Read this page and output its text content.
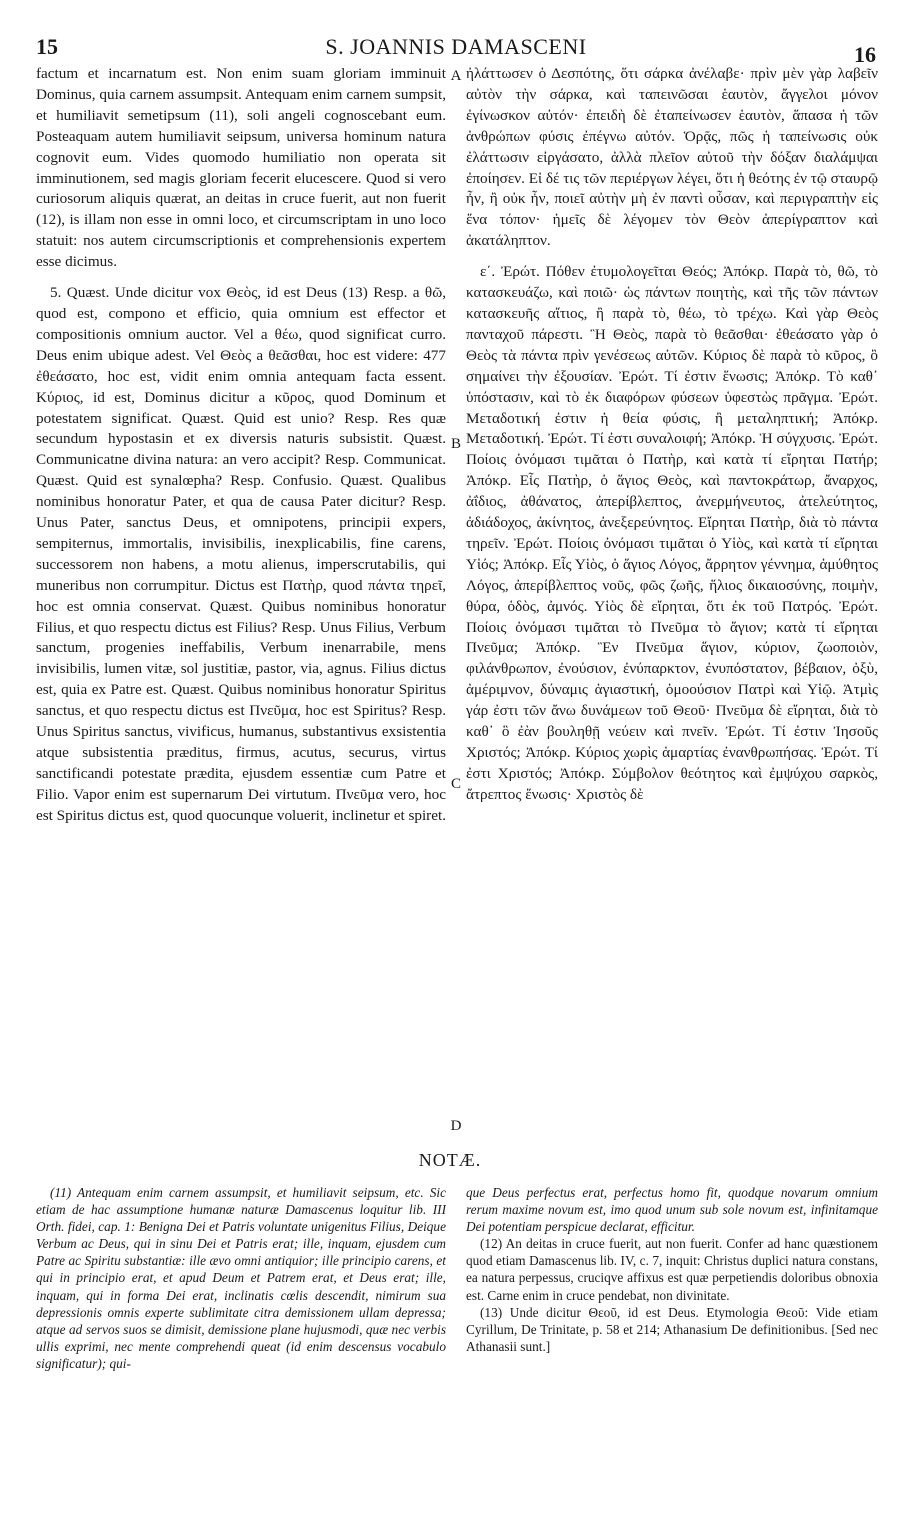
15	S. JOANNIS DAMASCENI	16

factum et incarnatum est. Non enim suam gloriam imminuit Dominus, quia carnem assumpsit. Antequam enim carnem sumpsit, et humiliavit semetipsum (11), soli angeli cognoscebant eum. Posteaquam autem humiliavit seipsum, universa hominum natura cognovit eum. Vides quomodo humiliatio non operata sit imminutionem, sed magis gloriam fecerit elucescere. Quod si vero curiosorum aliquis quærat, an deitas in cruce fuerit, aut non fuerit (12), is illam non esse in omni loco, et circumscriptam in uno loco statuit: nos autem circumscriptionis et comprehensionis expertem esse dicimus.

5. Quæst. Unde dicitur vox Θεὸς, id est Deus (13) Resp. a θῶ, quod est, compono et efficio, quia omnium est effector et compositionis omnium auctor. Vel a θέω, quod significat curro. Deus enim ubique adest. Vel Θεὸς a θεᾶσθαι, hoc est videre: 477 ἐθεάσατο, hoc est, vidit enim omnia antequam facta essent. Κύριος, id est, Dominus dicitur a κῦρος, quod Dominum et potestatem significat. Quæst. Quid est unio? Resp. Res quæ secundum hypostasin et ex diversis naturis subsistit. Quæst. Communicatne divina natura: an vero accipit? Resp. Communicat. Quæst. Quid est synalœpha? Resp. Confusio. Quæst. Qualibus nominibus honoratur Pater, et qua de causa Pater dicitur? Resp. Unus Pater, sanctus Deus, et omnipotens, principii expers, sempiternus, immortalis, invisibilis, inexplicabilis, fine carens, successorem non habens, a motu alienus, imperscrutabilis, qui muneribus non corrumpitur. Dictus est Πατὴρ, quod πάντα τηρεῖ, hoc est omnia conservat. Quæst. Quibus nominibus honoratur Filius, et quo respectu dictus est Filius? Resp. Unus Filius, Verbum sanctum, progenies ineffabilis, Verbum inenarrabile, mens invisibilis, lumen vitæ, sol justitiæ, pastor, via, agnus. Filius dictus est, quia ex Patre est. Quæst. Quibus nominibus honoratur Spiritus sanctus, et quo respectu dictus est Πνεῦμα, hoc est Spiritus? Resp. Unus Spiritus sanctus, vivificus, humanus, substantivus exsistentia atque subsistentia præditus, firmus, acutus, securus, virtus sanctificandi potestate prædita, ejusdem essentiæ cum Patre et Filio. Vapor enim est supernarum Dei virtutum. Πνεῦμα vero, hoc est Spiritus dictus est, quod quocunque voluerit, inclinetur et spiret.

A
B
C
D

ἠλάττωσεν ὁ Δεσπότης, ὅτι σάρκα ἀνέλαβε· πρὶν μὲν γὰρ λαβεῖν αὐτὸν τὴν σάρκα, καὶ ταπεινῶσαι ἑαυτὸν, ἄγγελοι μόνον ἐγίνωσκον αὐτόν· ἐπειδὴ δὲ ἐταπείνωσεν ἑαυτὸν, ἅπασα ἡ τῶν ἀνθρώπων φύσις ἐπέγνω αὐτόν. Ὁρᾷς, πῶς ἡ ταπείνωσις οὐκ ἐλάττωσιν εἰργάσατο, ἀλλὰ πλεῖον αὐτοῦ τὴν δόξαν διαλάμψαι ἐποίησεν. Εἰ δέ τις τῶν περιέργων λέγει, ὅτι ἡ θεότης ἐν τῷ σταυρῷ ἦν, ἢ οὐκ ἦν, ποιεῖ αὐτὴν μὴ ἐν παντὶ οὖσαν, καὶ περιγραπτὴν εἰς ἕνα τόπον· ἡμεῖς δὲ λέγομεν τὸν Θεὸν ἀπερίγραπτον καὶ ἀκατάληπτον.

ε΄. Ἐρώτ. Πόθεν ἐτυμολογεῖται Θεός; Ἀπόκρ. Παρὰ τὸ, θῶ, τὸ κατασκευάζω, καὶ ποιῶ· ὡς πάντων ποιητὴς, καὶ τῆς τῶν πάντων κατασκευῆς αἴτιος, ἢ παρὰ τὸ, θέω, τὸ τρέχω. Καὶ γὰρ Θεὸς πανταχοῦ πάρεστι. Ἢ Θεὸς, παρὰ τὸ θεᾶσθαι· ἐθεάσατο γὰρ ὁ Θεὸς τὰ πάντα πρὶν γενέσεως αὐτῶν. Κύριος δὲ παρὰ τὸ κῦρος, ὃ σημαίνει τὴν ἐξουσίαν. Ἐρώτ. Τί ἐστιν ἕνωσις; Ἀπόκρ. Τὸ καθ᾽ ὑπόστασιν, καὶ τὸ ἐκ διαφόρων φύσεων ὑφεστὼς πρᾶγμα. Ἐρώτ. Μεταδοτική ἐστιν ἡ θεία φύσις, ἢ μεταληπτική; Ἀπόκρ. Μεταδοτική. Ἐρώτ. Τί ἐστι συναλοιφή; Ἀπόκρ. Ἡ σύγχυσις. Ἐρώτ. Ποίοις ὀνόμασι τιμᾶται ὁ Πατὴρ, καὶ κατὰ τί εἴρηται Πατήρ; Ἀπόκρ. Εἷς Πατὴρ, ὁ ἅγιος Θεὸς, καὶ παντοκράτωρ, ἄναρχος, ἀΐδιος, ἀθάνατος, ἀπερίβλεπτος, ἀνερμήνευτος, ἀτελεύτητος, ἀδιάδοχος, ἀκίνητος, ἀνεξερεύνητος. Εἴρηται Πατὴρ, διὰ τὸ πάντα τηρεῖν. Ἐρώτ. Ποίοις ὀνόμασι τιμᾶται ὁ Υἱὸς, καὶ κατὰ τί εἴρηται Υἱός; Ἀπόκρ. Εἷς Υἱὸς, ὁ ἅγιος Λόγος, ἄρρητον γέννημα, ἀμύθητος Λόγος, ἀπερίβλεπτος νοῦς, φῶς ζωῆς, ἥλιος δικαιοσύνης, ποιμὴν, θύρα, ὁδὸς, ἀμνός. Υἱὸς δὲ εἴρηται, ὅτι ἐκ τοῦ Πατρός. Ἐρώτ. Ποίοις ὀνόμασι τιμᾶται τὸ Πνεῦμα τὸ ἅγιον; κατὰ τί εἴρηται Πνεῦμα; Ἀπόκρ. Ἓν Πνεῦμα ἅγιον, κύριον, ζωοποιὸν, φιλάνθρωπον, ἐνούσιον, ἐνύπαρκτον, ἐνυπόστατον, βέβαιον, ὀξὺ, ἀμέριμνον, δύναμις ἁγιαστική, ὁμοούσιον Πατρὶ καὶ Υἱῷ. Ἀτμὶς γάρ ἐστι τῶν ἄνω δυνάμεων τοῦ Θεοῦ· Πνεῦμα δὲ εἴρηται, διὰ τὸ καθ᾽ ὃ ἐὰν βουληθῇ νεύειν καὶ πνεῖν. Ἐρώτ. Τί ἐστιν Ἰησοῦς Χριστός; Ἀπόκρ. Κύριος χωρὶς ἁμαρτίας ἐνανθρωπήσας. Ἐρώτ. Τί ἐστι Χριστός; Ἀπόκρ. Σύμβολον θεότητος καὶ ἐμψύχου σαρκὸς, ἄτρεπτος ἕνωσις· Χριστὸς δὲ

NOTÆ.

(11) Antequam enim carnem assumpsit, et humiliavit seipsum, etc. Sic etiam de hac assumptione humanæ naturæ Damascenus loquitur lib. III Orth. fidei, cap. 1: Benigna Dei et Patris voluntate unigenitus Filius, Deique Verbum ac Deus, qui in sinu Dei et Patris erat; ille, inquam, ejusdem cum Patre ac Spiritu substantiæ: ille ævo omni antiquior; ille principio carens, et qui in principio erat, et apud Deum et Patrem erat, et Deus erat; ille, inquam, qui in forma Dei erat, inclinatis cœlis descendit, nimirum sua depressionis omnis experte sublimitate citra demissionem ullam depressa; atque ad servos suos se dimisit, demissione plane hujusmodi, quæ nec verbis ullis exprimi, nec mente comprehendi queat (id enim descensus vocabulo significatur); qui-

que Deus perfectus erat, perfectus homo fit, quodque novarum omnium rerum maxime novum est, imo quod unum sub sole novum est, infinitamque Dei potentiam perspicue declarat, efficitur.

(12) An deitas in cruce fuerit, aut non fuerit. Confer ad hanc quæstionem quod etiam Damascenus lib. IV, c. 7, inquit: Christus duplici natura constans, ea natura perpessus, cruciqve affixus est quæ perpetiendis doloribus obnoxia est. Carne enim in cruce pendebat, non divinitate.

(13) Unde dicitur Θεοῦ, id est Deus. Etymologia Θεοῦ: Vide etiam Cyrillum, De Trinitate, p. 58 et 214; Athanasium De definitionibus. [Sed nec Athanasii sunt.]
